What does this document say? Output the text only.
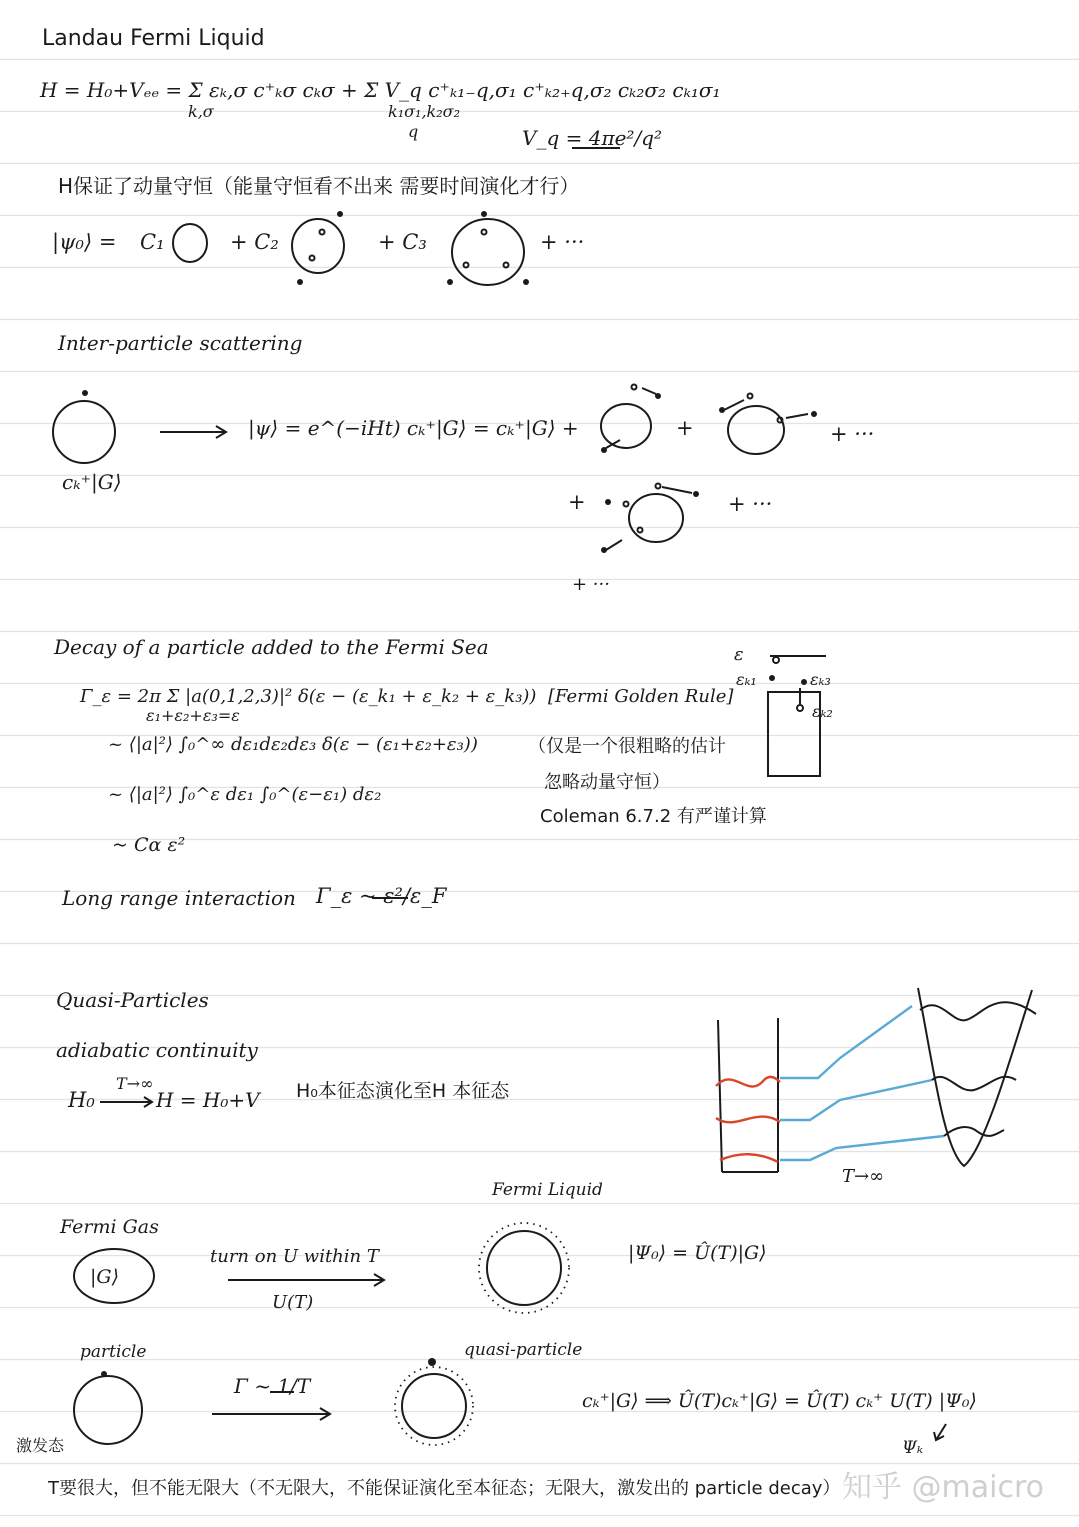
Landau Fermi Liquid
H = H₀+Vₑₑ = Σ εₖ,σ c⁺ₖσ cₖσ + Σ V_q c⁺ₖ₁₋q,σ₁ c⁺ₖ₂₊q,σ₂ cₖ₂σ₂ cₖ₁σ₁
k,σ	k₁σ₁,k₂σ₂
q	V_q = 4πe²/q²
H保证了动量守恒（能量守恒看不出来 需要时间演化才行）
|ψ₀⟩ = C₁	+ C₂	+ C₃	+ ···
Inter-particle scattering
cₖ⁺|G⟩
|ψ⟩ = e^(−iHt) cₖ⁺|G⟩ = cₖ⁺|G⟩ +	+	+ ···
+	+ ···
+ ···
Decay of a particle added to the Fermi Sea
Γ_ε = 2π Σ |a(0,1,2,3)|² δ(ε − (ε_k₁ + ε_k₂ + ε_k₃))
ε₁+ε₂+ε₃=ε
[Fermi Golden Rule]
~ ⟨|a|²⟩ ∫₀^∞ dε₁dε₂dε₃ δ(ε − (ε₁+ε₂+ε₃))
~ ⟨|a|²⟩ ∫₀^ε dε₁ ∫₀^(ε−ε₁) dε₂
~ Cα ε²
（仅是一个很粗略的估计
忽略动量守恒）
Coleman 6.7.2 有严谨计算
ε
εₖ₁	εₖ₃
εₖ₂
Long range interaction Γ_ε ~ ε²/ε_F
Quasi-Particles
adiabatic continuity
H₀
T→∞
H = H₀+V H₀本征态演化至H 本征态
T→∞
Fermi Gas
|G⟩
turn on U within T
U(T)
Fermi Liquid
|Ψ₀⟩ = Û(T)|G⟩
particle
激发态
Γ ~ 1/T
quasi-particle
cₖ⁺|G⟩ ⟹ Û(T)cₖ⁺|G⟩ = Û(T) cₖ⁺ U(T) |Ψ₀⟩
Ψₖ
T要很大，但不能无限大（不无限大，不能保证演化至本征态；无限大，激发出的 particle decay） 知乎 @maicro
